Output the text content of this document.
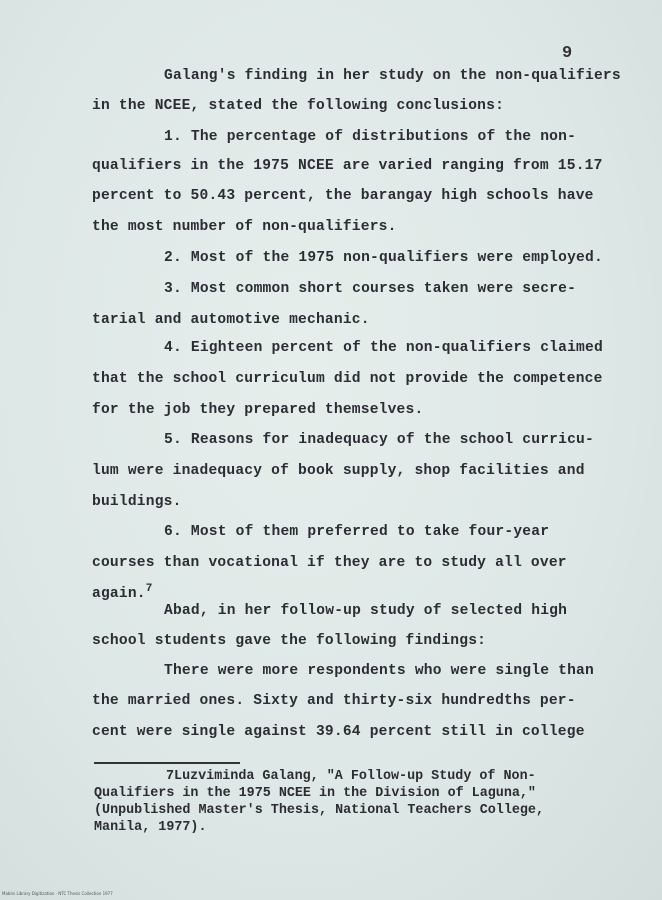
9
Galang's finding in her study on the non-qualifiers
in the NCEE, stated the following conclusions:
1. The percentage of distributions of the non-
qualifiers in the 1975 NCEE are varied ranging from 15.17
percent to 50.43 percent, the barangay high schools have
the most number of non-qualifiers.
2. Most of the 1975 non-qualifiers were employed.
3. Most common short courses taken were secre-
tarial and automotive mechanic.
4. Eighteen percent of the non-qualifiers claimed
that the school curriculum did not provide the competence
for the job they prepared themselves.
5. Reasons for inadequacy of the school curricu-
lum were inadequacy of book supply, shop facilities and
buildings.
6. Most of them preferred to take four-year
courses than vocational if they are to study all over
again.$^7$
Abad, in her follow-up study of selected high
school students gave the following findings:
There were more respondents who were single than
the married ones. Sixty and thirty-six hundredths per-
cent were single against 39.64 percent still in college
7Luzviminda Galang, "A Follow-up Study of Non-
Qualifiers in the 1975 NCEE in the Division of Laguna,"
(Unpublished Master's Thesis, National Teachers College,
Manila, 1977).
Mabini Library Digitization · NTC Thesis Collection 1977
